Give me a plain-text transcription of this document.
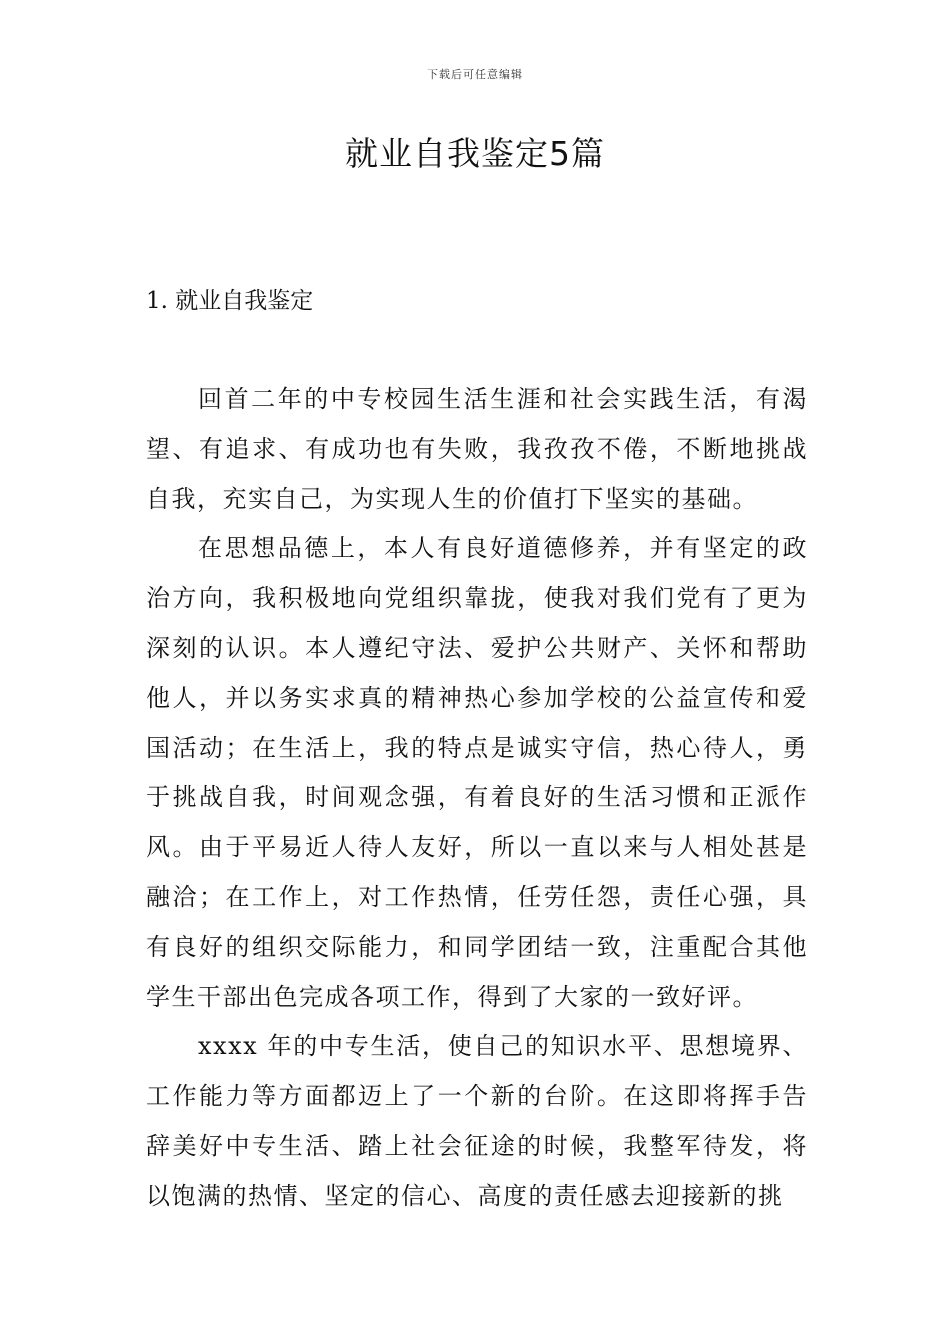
下载后可任意编辑
就业自我鉴定5篇
1. 就业自我鉴定

回首二年的中专校园生活生涯和社会实践生活，有渴望、有追求、有成功也有失败，我孜孜不倦，不断地挑战自我，充实自己，为实现人生的价值打下坚实的基础。

在思想品德上，本人有良好道德修养，并有坚定的政治方向，我积极地向党组织靠拢，使我对我们党有了更为深刻的认识。本人遵纪守法、爱护公共财产、关怀和帮助他人，并以务实求真的精神热心参加学校的公益宣传和爱国活动；在生活上，我的特点是诚实守信，热心待人，勇于挑战自我，时间观念强，有着良好的生活习惯和正派作风。由于平易近人待人友好，所以一直以来与人相处甚是融洽；在工作上，对工作热情，任劳任怨，责任心强，具有良好的组织交际能力，和同学团结一致，注重配合其他学生干部出色完成各项工作，得到了大家的一致好评。

xxxx 年的中专生活，使自己的知识水平、思想境界、工作能力等方面都迈上了一个新的台阶。在这即将挥手告辞美好中专生活、踏上社会征途的时候，我整军待发，将以饱满的热情、坚定的信心、高度的责任感去迎接新的挑
